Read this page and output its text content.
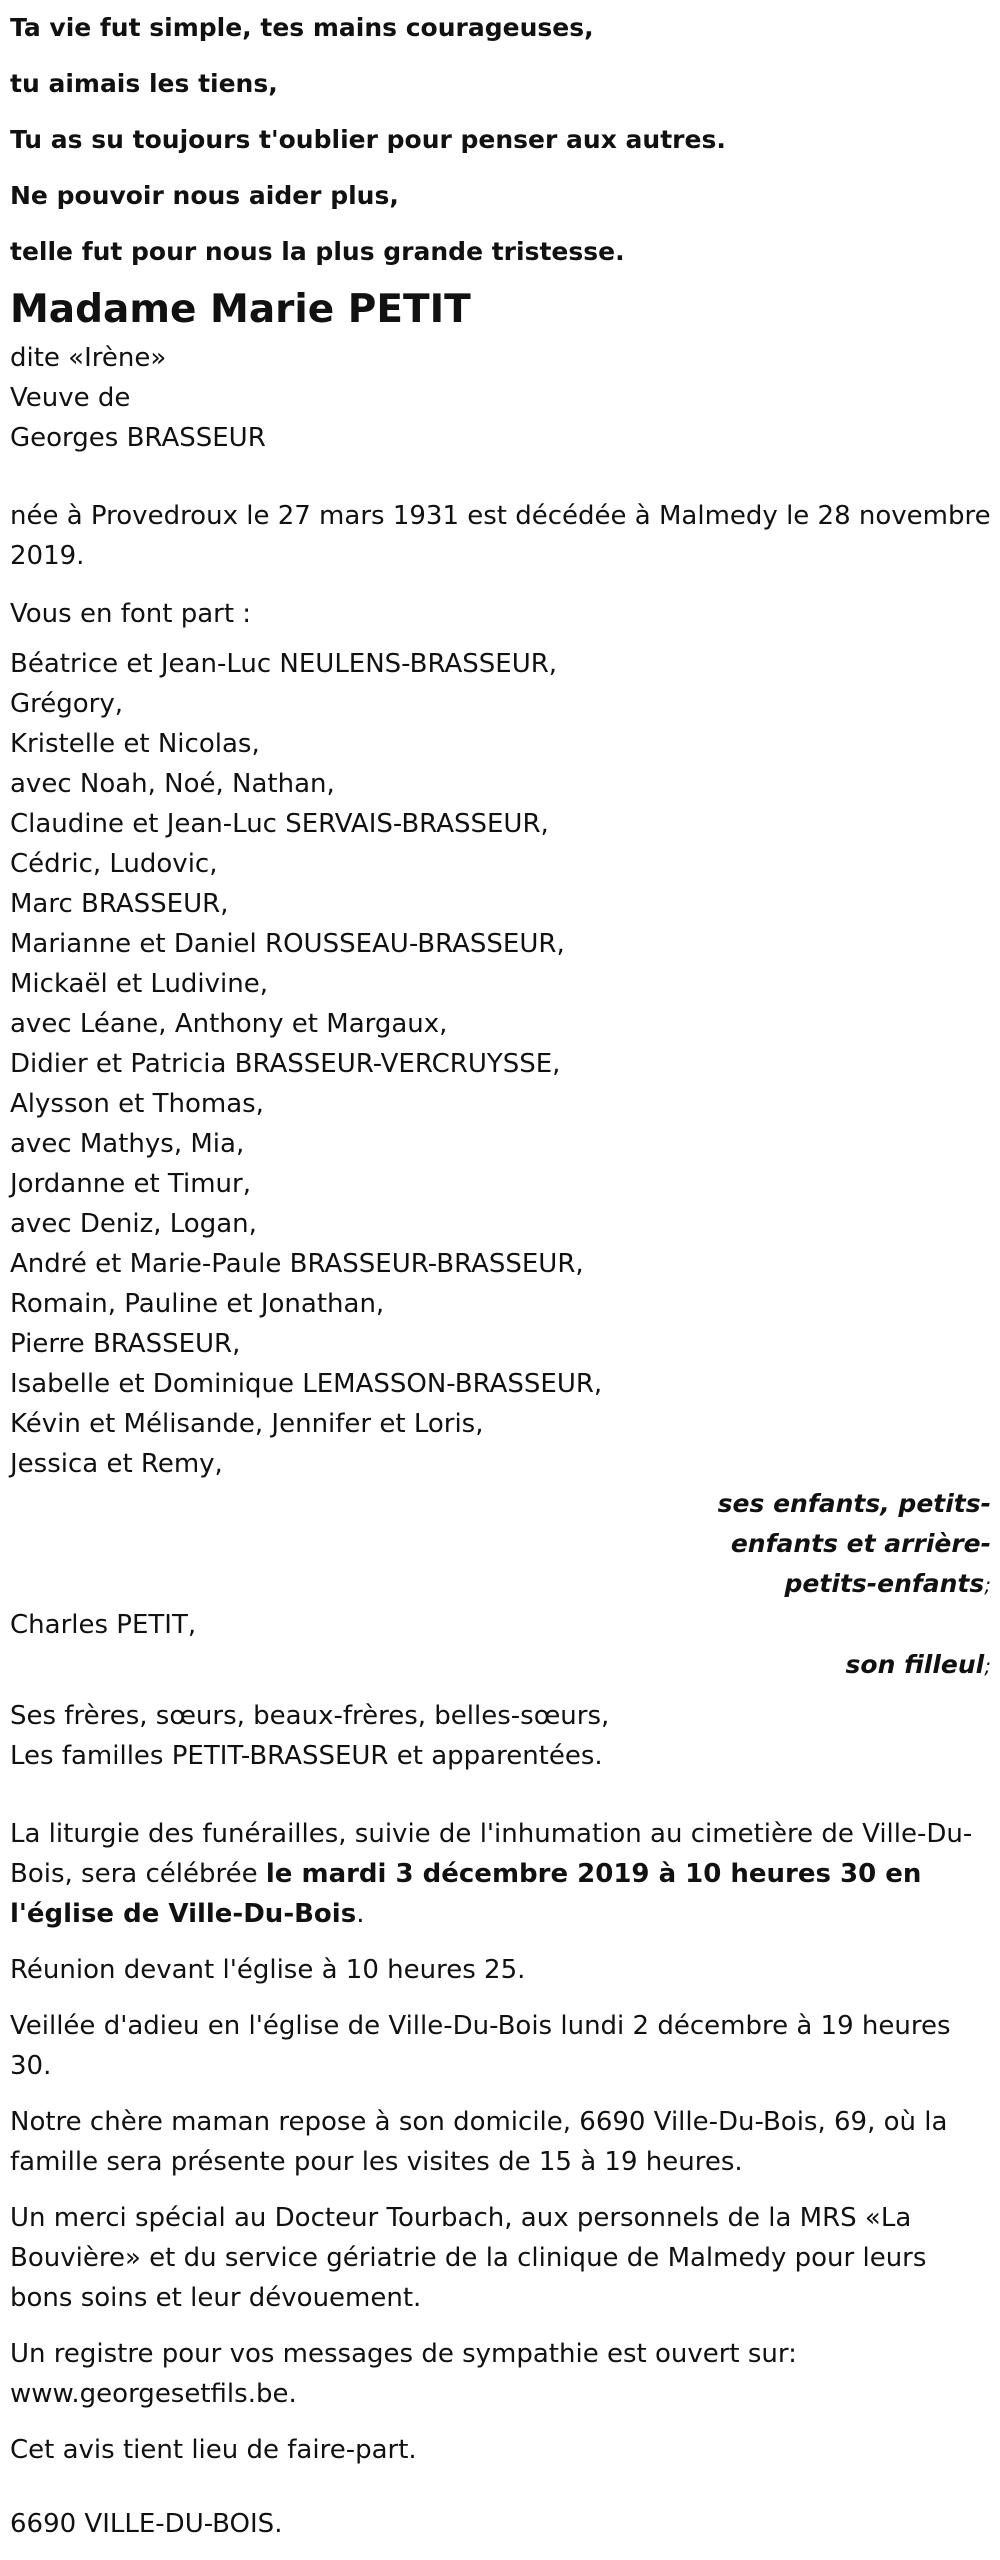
Ta vie fut simple, tes mains courageuses,

tu aimais les tiens,

Tu as su toujours t'oublier pour penser aux autres.

Ne pouvoir nous aider plus,

telle fut pour nous la plus grande tristesse.

Madame Marie PETIT

dite «Irène»

Veuve de

Georges BRASSEUR

née à Provedroux le 27 mars 1931 est décédée à Malmedy le 28 novembre 2019.

Vous en font part :

Béatrice et Jean-Luc NEULENS-BRASSEUR,

Grégory,

Kristelle et Nicolas,

avec Noah, Noé, Nathan,

Claudine et Jean-Luc SERVAIS-BRASSEUR,

Cédric, Ludovic,

Marc BRASSEUR,

Marianne et Daniel ROUSSEAU-BRASSEUR,

Mickaël et Ludivine,

avec Léane, Anthony et Margaux,

Didier et Patricia BRASSEUR-VERCRUYSSE,

Alysson et Thomas,

avec Mathys, Mia,

Jordanne et Timur,

avec Deniz, Logan,

André et Marie-Paule BRASSEUR-BRASSEUR,

Romain, Pauline et Jonathan,

Pierre BRASSEUR,

Isabelle et Dominique LEMASSON-BRASSEUR,

Kévin et Mélisande, Jennifer et Loris,

Jessica et Remy,

ses enfants, petits-
enfants et arrière-
petits-enfants;

Charles PETIT,

son filleul;

Ses frères, sœurs, beaux-frères, belles-sœurs,

Les familles PETIT-BRASSEUR et apparentées.

La liturgie des funérailles, suivie de l'inhumation au cimetière de Ville-Du-Bois, sera célébrée le mardi 3 décembre 2019 à 10 heures 30 en l'église de Ville-Du-Bois.

Réunion devant l'église à 10 heures 25.

Veillée d'adieu en l'église de Ville-Du-Bois lundi 2 décembre à 19 heures 30.

Notre chère maman repose à son domicile, 6690 Ville-Du-Bois, 69, où la famille sera présente pour les visites de 15 à 19 heures.

Un merci spécial au Docteur Tourbach, aux personnels de la MRS «La Bouvière» et du service gériatrie de la clinique de Malmedy pour leurs bons soins et leur dévouement.

Un registre pour vos messages de sympathie est ouvert sur:
www.georgesetfils.be.

Cet avis tient lieu de faire-part.

6690 VILLE-DU-BOIS.
